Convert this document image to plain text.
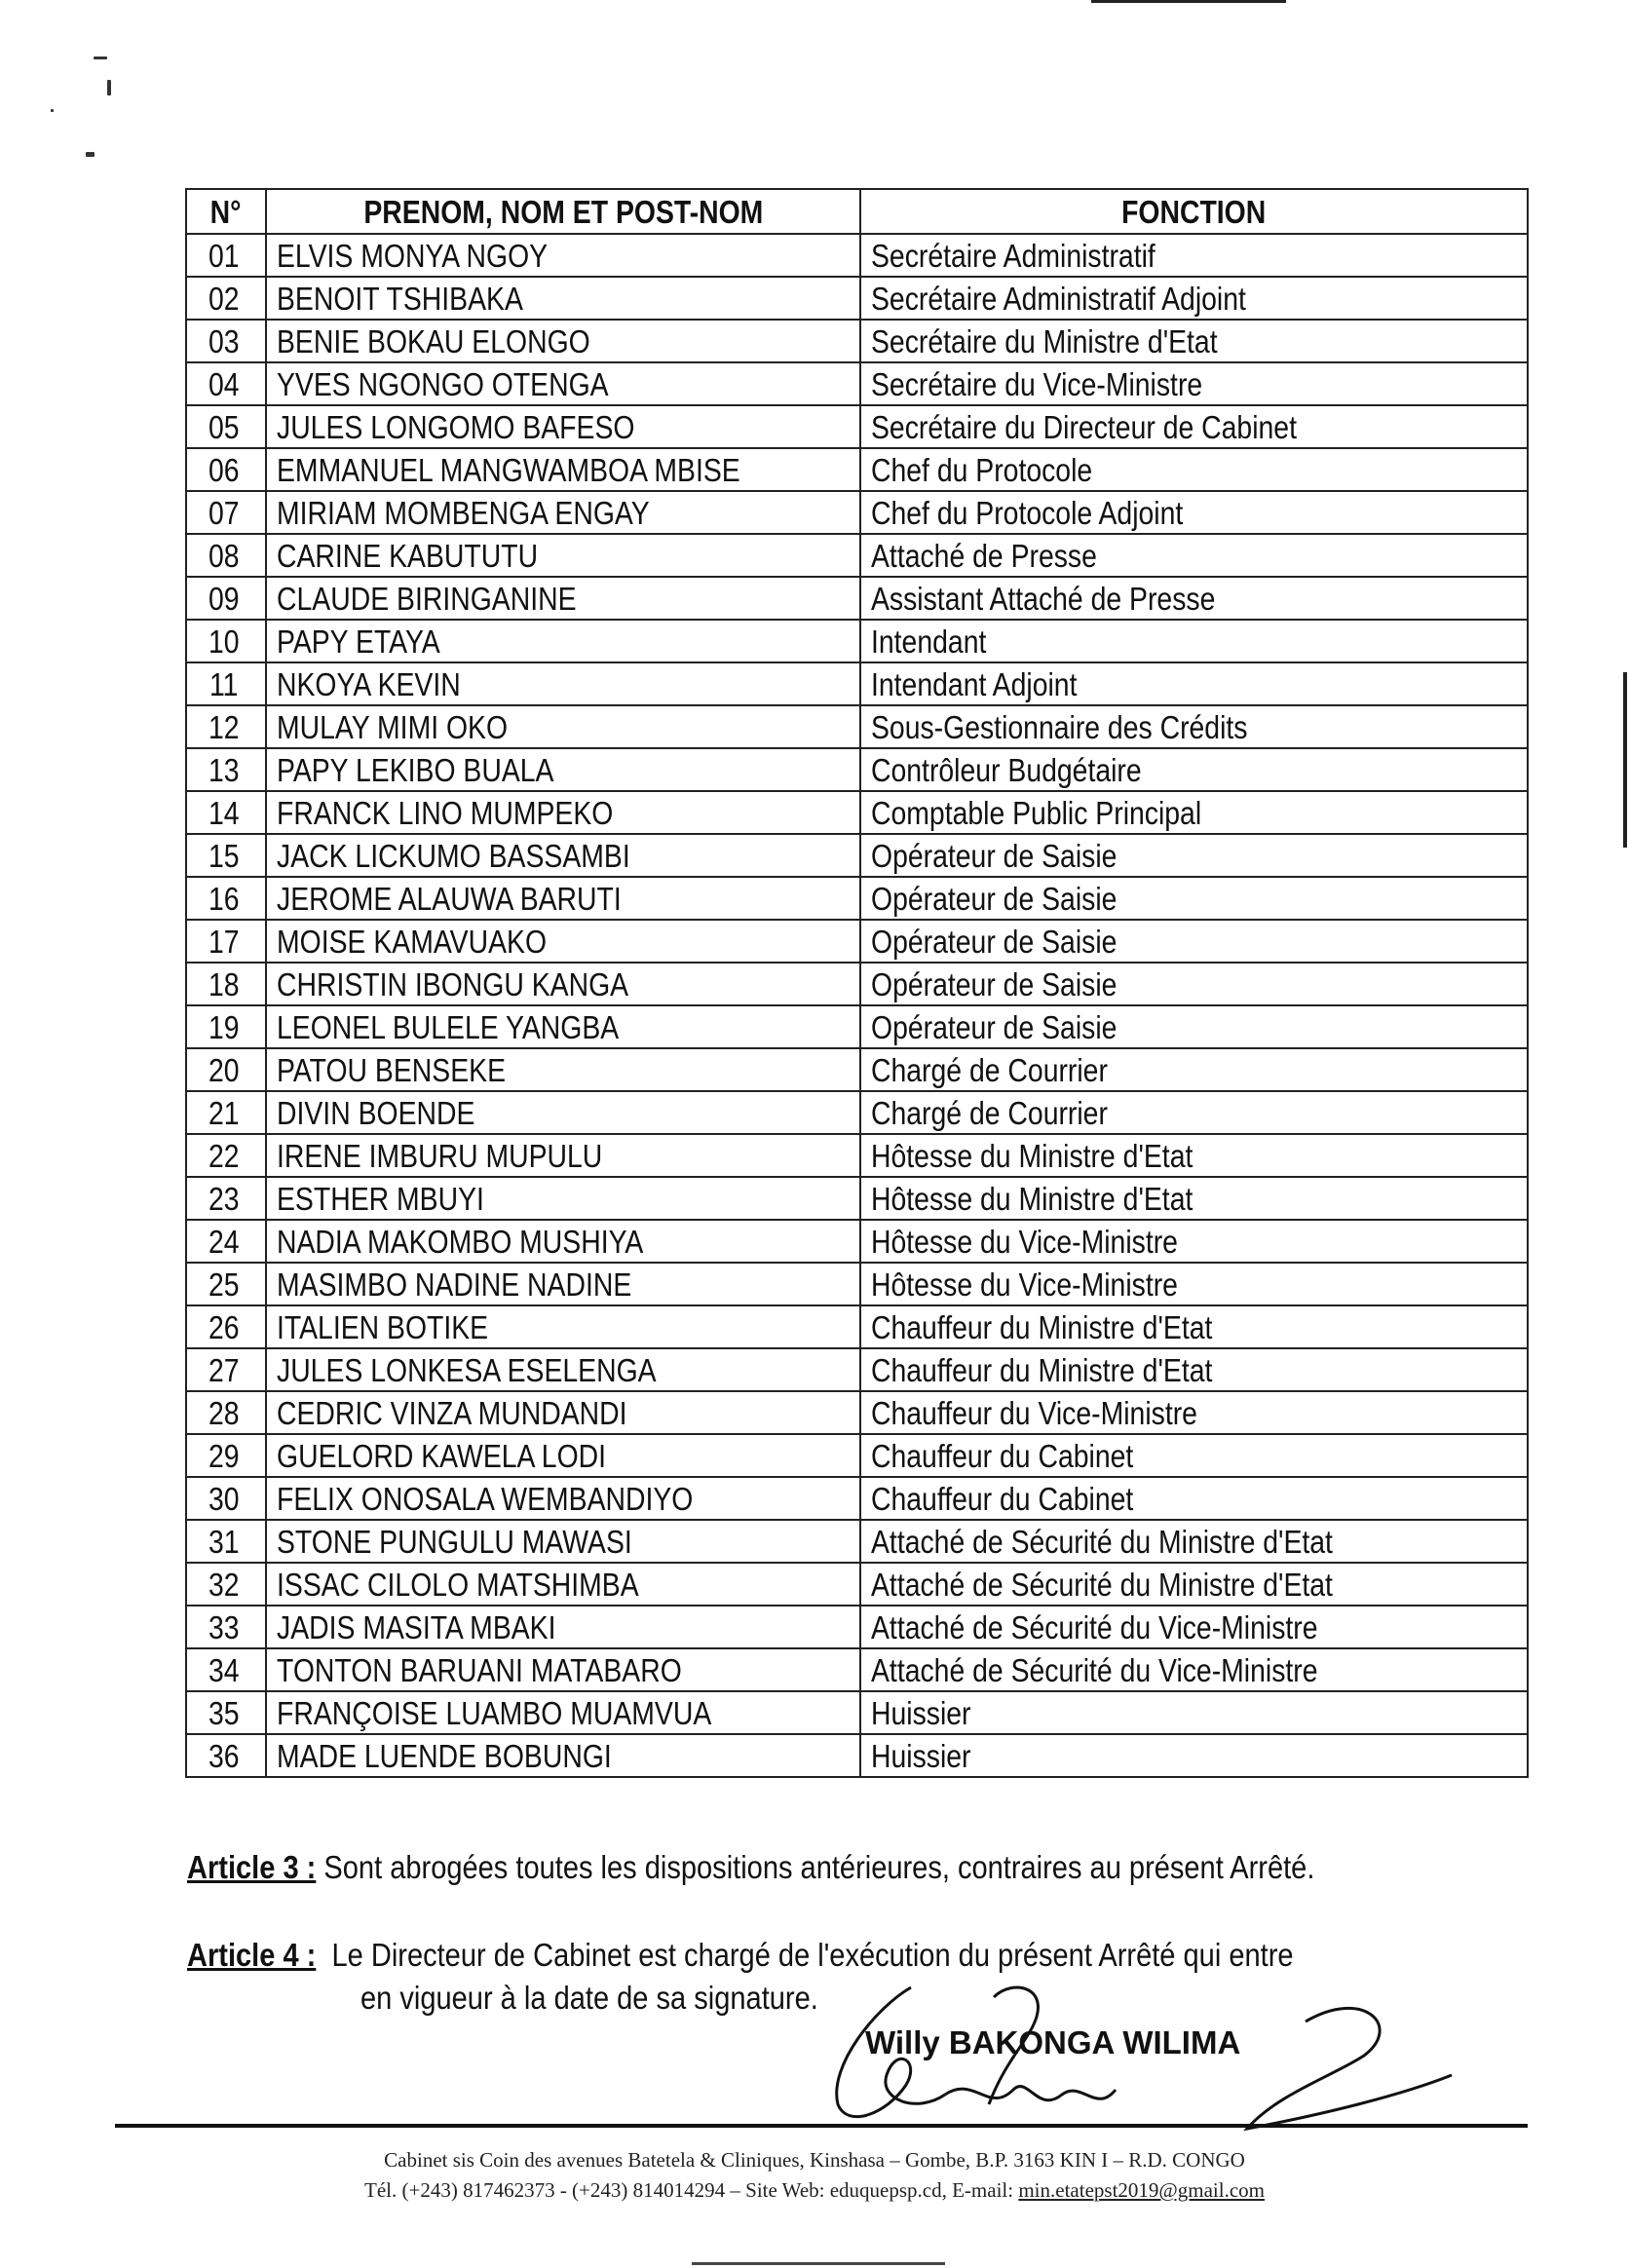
N°	PRENOM, NOM ET POST-NOM	FONCTION
01	ELVIS MONYA NGOY	Secrétaire Administratif
02	BENOIT TSHIBAKA	Secrétaire Administratif Adjoint
03	BENIE BOKAU ELONGO	Secrétaire du Ministre d'Etat
04	YVES NGONGO OTENGA	Secrétaire du Vice-Ministre
05	JULES LONGOMO BAFESO	Secrétaire du Directeur de Cabinet
06	EMMANUEL MANGWAMBOA MBISE	Chef du Protocole
07	MIRIAM MOMBENGA ENGAY	Chef du Protocole Adjoint
08	CARINE KABUTUTU	Attaché de Presse
09	CLAUDE BIRINGANINE	Assistant Attaché de Presse
10	PAPY ETAYA	Intendant
11	NKOYA KEVIN	Intendant Adjoint
12	MULAY MIMI OKO	Sous-Gestionnaire des Crédits
13	PAPY LEKIBO BUALA	Contrôleur Budgétaire
14	FRANCK LINO MUMPEKO	Comptable Public Principal
15	JACK LICKUMO BASSAMBI	Opérateur de Saisie
16	JEROME ALAUWA BARUTI	Opérateur de Saisie
17	MOISE KAMAVUAKO	Opérateur de Saisie
18	CHRISTIN IBONGU KANGA	Opérateur de Saisie
19	LEONEL BULELE YANGBA	Opérateur de Saisie
20	PATOU BENSEKE	Chargé de Courrier
21	DIVIN BOENDE	Chargé de Courrier
22	IRENE IMBURU MUPULU	Hôtesse du Ministre d'Etat
23	ESTHER MBUYI	Hôtesse du Ministre d'Etat
24	NADIA MAKOMBO MUSHIYA	Hôtesse du Vice-Ministre
25	MASIMBO NADINE NADINE	Hôtesse du Vice-Ministre
26	ITALIEN BOTIKE	Chauffeur du Ministre d'Etat
27	JULES LONKESA ESELENGA	Chauffeur du Ministre d'Etat
28	CEDRIC VINZA MUNDANDI	Chauffeur du Vice-Ministre
29	GUELORD KAWELA LODI	Chauffeur du Cabinet
30	FELIX ONOSALA WEMBANDIYO	Chauffeur du Cabinet
31	STONE PUNGULU MAWASI	Attaché de Sécurité du Ministre d'Etat
32	ISSAC CILOLO MATSHIMBA	Attaché de Sécurité du Ministre d'Etat
33	JADIS MASITA MBAKI	Attaché de Sécurité du Vice-Ministre
34	TONTON BARUANI MATABARO	Attaché de Sécurité du Vice-Ministre
35	FRANÇOISE LUAMBO MUAMVUA	Huissier
36	MADE LUENDE BOBUNGI	Huissier
Article 3 : Sont abrogées toutes les dispositions antérieures, contraires au présent Arrêté.
Article 4 :  Le Directeur de Cabinet est chargé de l'exécution du présent Arrêté qui entre
en vigueur à la date de sa signature.
Willy BAKONGA WILIMA
Cabinet sis Coin des avenues Batetela & Cliniques, Kinshasa – Gombe, B.P. 3163 KIN I – R.D. CONGO
Tél. (+243) 817462373 - (+243) 814014294 – Site Web: eduquepsp.cd, E-mail: min.etatepst2019@gmail.com
